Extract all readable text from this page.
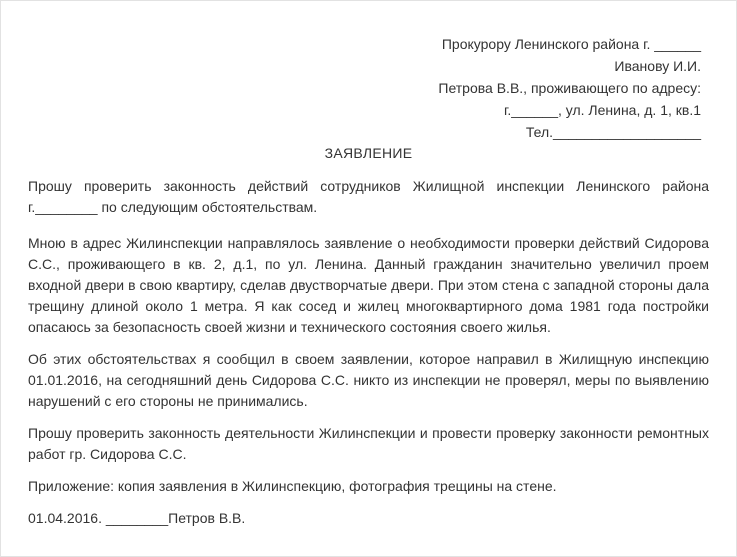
Прокурору Ленинского района г. ______
Иванову И.И.
Петрова В.В., проживающего по адресу:
г.______, ул. Ленина, д. 1, кв.1
Тел.___________________
ЗАЯВЛЕНИЕ

Прошу проверить законность действий сотрудников Жилищной инспекции Ленинского района г.________ по следующим обстоятельствам.

Мною в адрес Жилинспекции направлялось заявление о необходимости проверки действий Сидорова С.С., проживающего в кв. 2, д.1, по ул. Ленина. Данный гражданин значительно увеличил проем входной двери в свою квартиру, сделав двустворчатые двери. При этом стена с западной стороны дала трещину длиной около 1 метра. Я как сосед и жилец многоквартирного дома 1981 года постройки опасаюсь за безопасность своей жизни и технического состояния своего жилья.

Об этих обстоятельствах я сообщил в своем заявлении, которое направил в Жилищную инспекцию 01.01.2016, на сегодняшний день Сидорова С.С. никто из инспекции не проверял, меры по выявлению нарушений с его стороны не принимались.

Прошу проверить законность деятельности Жилинспекции и провести проверку законности ремонтных работ гр. Сидорова С.С.

Приложение: копия заявления в Жилинспекцию, фотография трещины на стене.

01.04.2016. ________Петров В.В.
